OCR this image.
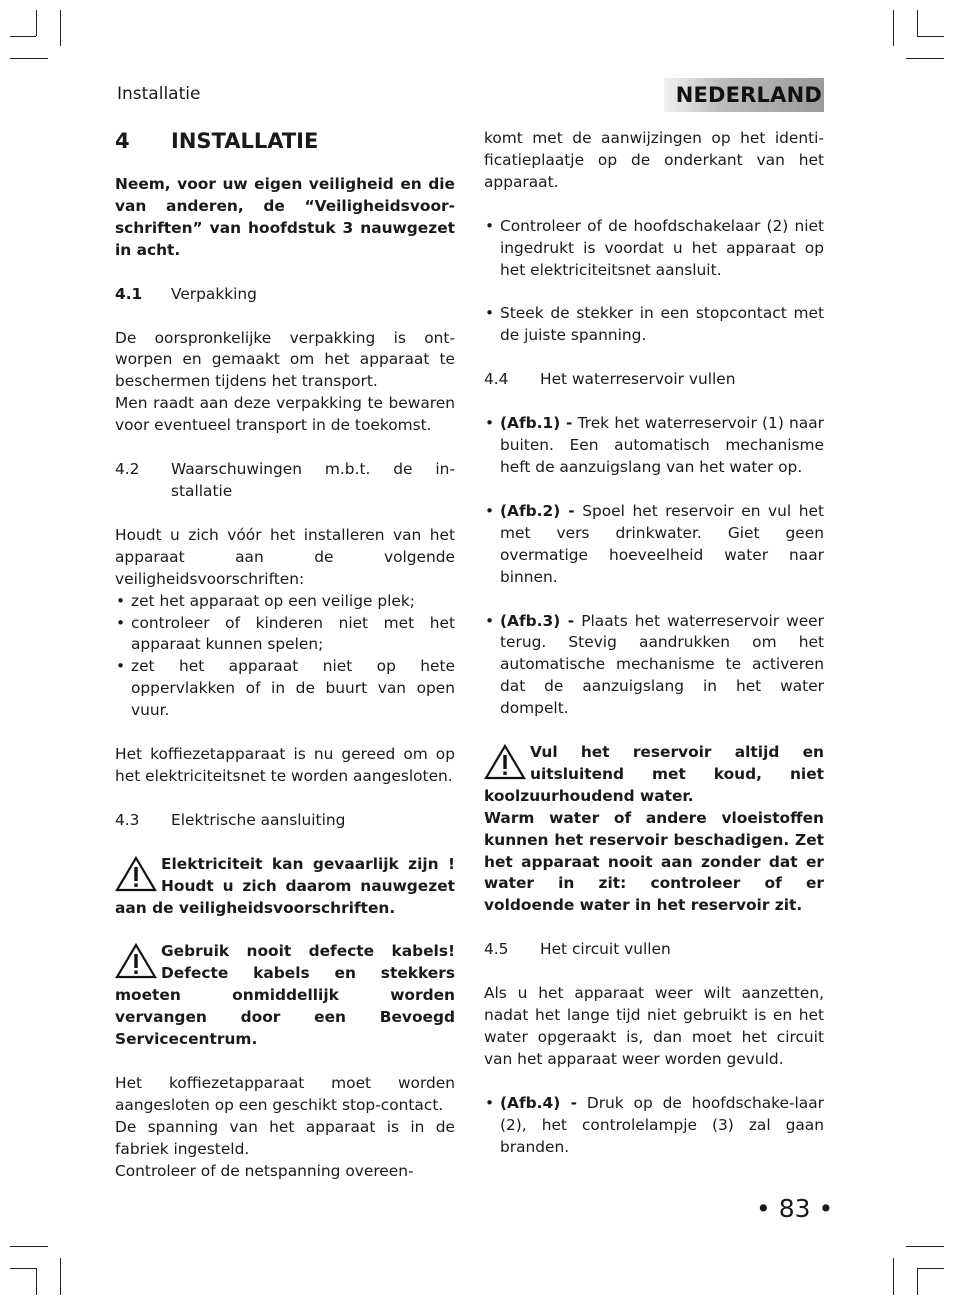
Installatie	NEDERLAND
4	INSTALLATIE

Neem, voor uw eigen veiligheid en die van anderen, de “Veiligheidsvoor-schriften” van hoofdstuk 3 nauwgezet in acht.

4.1	Verpakking

De oorspronkelijke verpakking is ont-worpen en gemaakt om het apparaat te beschermen tijdens het transport.

Men raadt aan deze verpakking te bewaren voor eventueel transport in de toekomst.

4.2	Waarschuwingen m.b.t. de in-stallatie

Houdt u zich vóór het installeren van het apparaat aan de volgende veiligheidsvoorschriften:

• zet het apparaat op een veilige plek;
• controleer of kinderen niet met het apparaat kunnen spelen;
• zet het apparaat niet op hete oppervlakken of in de buurt van open vuur.

Het koffiezetapparaat is nu gereed om op het elektriciteitsnet te worden aangesloten.

4.3	Elektrische aansluiting
Elektriciteit kan gevaarlijk zijn ! Houdt u zich daarom nauwgezet aan de veiligheidsvoorschriften.
Gebruik nooit defecte kabels! Defecte kabels en stekkers moeten onmiddellijk worden vervangen door een Bevoegd Servicecentrum.

Het koffiezetapparaat moet worden aangesloten op een geschikt stop-contact.

De spanning van het apparaat is in de fabriek ingesteld.

Controleer of de netspanning overeen-

komt met de aanwijzingen op het identi-ficatieplaatje op de onderkant van het apparaat.

• Controleer of de hoofdschakelaar (2) niet ingedrukt is voordat u het apparaat op het elektriciteitsnet aansluit.
• Steek de stekker in een stopcontact met de juiste spanning.
4.4	Het waterreservoir vullen
• (Afb.1) - Trek het waterreservoir (1) naar buiten. Een automatisch mechanisme heft de aanzuigslang van het water op.
• (Afb.2) - Spoel het reservoir en vul het met vers drinkwater. Giet geen overmatige hoeveelheid water naar binnen.
• (Afb.3) - Plaats het waterreservoir weer terug. Stevig aandrukken om het automatische mechanisme te activeren dat de aanzuigslang in het water dompelt.
Vul het reservoir altijd en uitsluitend met koud, niet koolzuurhoudend water.

Warm water of andere vloeistoffen kunnen het reservoir beschadigen. Zet het apparaat nooit aan zonder dat er water in zit: controleer of er voldoende water in het reservoir zit.

4.5	Het circuit vullen

Als u het apparaat weer wilt aanzetten, nadat het lange tijd niet gebruikt is en het water opgeraakt is, dan moet het circuit van het apparaat weer worden gevuld.

• (Afb.4) - Druk op de hoofdschake-laar (2), het controlelampje (3) zal gaan branden.
• 83 •
